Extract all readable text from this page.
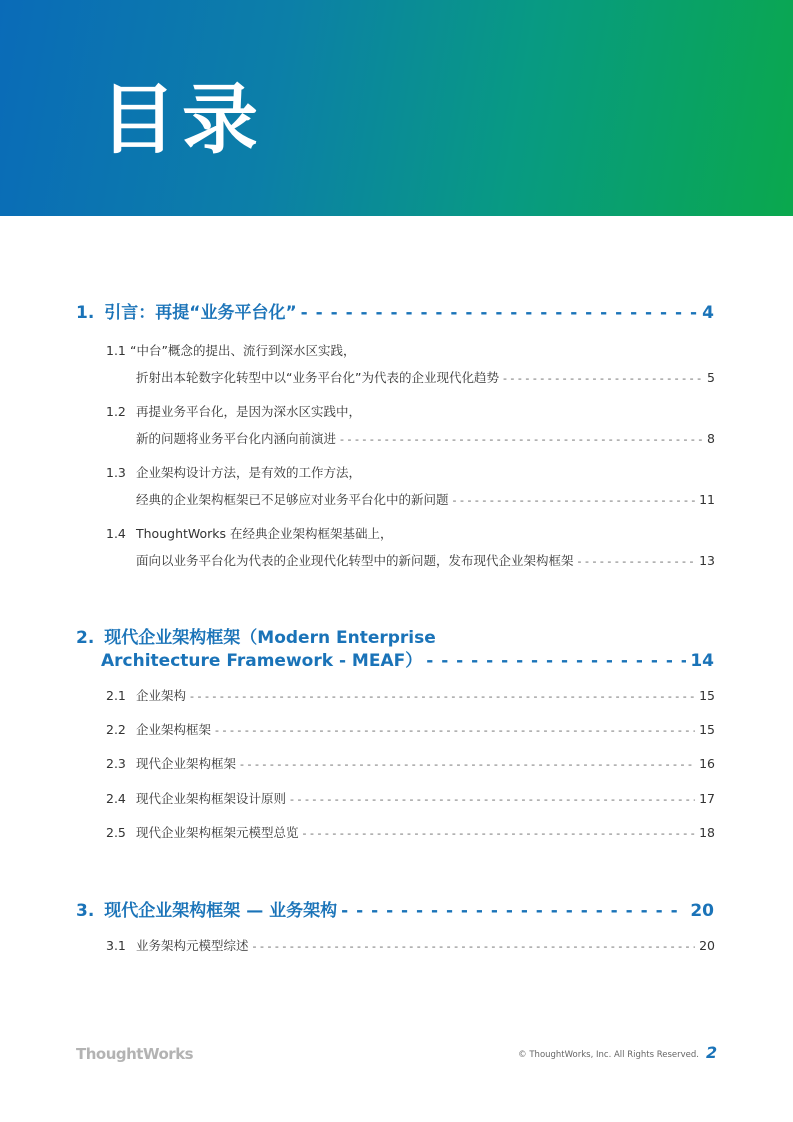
目录
1. 引言：再提“业务平台化” - - -	4
1.1 “中台”概念的提出、流行到深水区实践，
折射出本轮数字化转型中以“业务平台化”为代表的企业现代化趋势 - - -	5
1.2 再提业务平台化，是因为深水区实践中，
新的问题将业务平台化内涵向前演进 - - -	8
1.3 企业架构设计方法，是有效的工作方法，
经典的企业架构框架已不足够应对业务平台化中的新问题 - - -	11
1.4 ThoughtWorks 在经典企业架构框架基础上，
面向以业务平台化为代表的企业现代化转型中的新问题，发布现代企业架构框架 - - -	13
2. 现代企业架构框架（Modern Enterprise
Architecture Framework - MEAF） - - -	14
2.1 企业架构 - - -	15
2.2 企业架构框架 - - -	15
2.3 现代企业架构框架 - - -	16
2.4 现代企业架构框架设计原则 - - -	17
2.5 现代企业架构框架元模型总览 - - -	18
3. 现代企业架构框架 — 业务架构 - - -	20
3.1 业务架构元模型综述 - - -	20
ThoughtWorks	© ThoughtWorks, Inc. All Rights Reserved. 2
